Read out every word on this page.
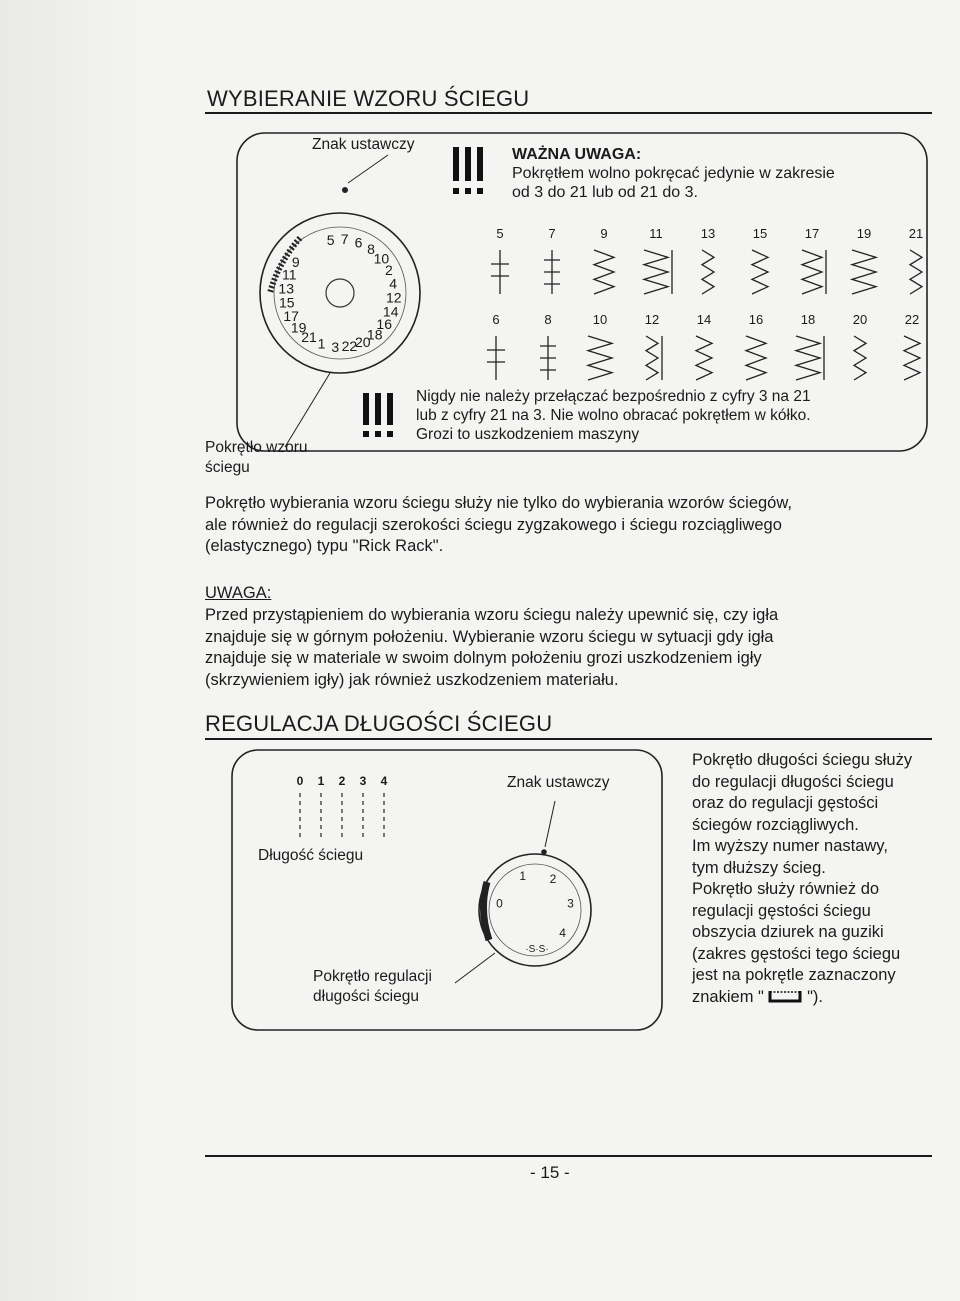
WYBIERANIE WZORU ŚCIEGU
Znak ustawczy
5 7 6 8
10
2
4
12
14
16
18
20
22
3
1
21
19
17
15
13
11
9
WAŻNA UWAGA:
Pokrętłem wolno pokręcać jedynie w zakresie
od 3 do 21 lub od 21 do 3.
5	7	9	11	13	15	17	19	21
6	8	10	12	14	16	18	20	22
Nigdy nie należy przełączać bezpośrednio z cyfry 3 na 21
lub z cyfry 21 na 3. Nie wolno obracać pokrętłem w kółko.
Grozi to uszkodzeniem maszyny
Pokrętło wzoru
ściegu
Pokrętło wybierania wzoru ściegu służy nie tylko do wybierania wzorów ściegów,
ale również do regulacji szerokości ściegu zygzakowego i ściegu rozciągliwego
(elastycznego) typu "Rick Rack".
UWAGA:
Przed przystąpieniem do wybierania wzoru ściegu należy upewnić się, czy igła
znajduje się w górnym położeniu. Wybieranie wzoru ściegu w sytuacji gdy igła
znajduje się w materiale w swoim dolnym położeniu grozi uszkodzeniem igły
(skrzywieniem igły) jak również uszkodzeniem materiału.
REGULACJA DŁUGOŚCI ŚCIEGU
0 1 2 3 4
Długość ściegu
Znak ustawczy
0
1 2
3
4
·S·S·
Pokrętło regulacji
długości ściegu
Pokrętło długości ściegu służy
do regulacji długości ściegu
oraz do regulacji gęstości
ściegów rozciągliwych.
Im wyższy numer nastawy,
tym dłuższy ścieg.
Pokrętło służy również do
regulacji gęstości ściegu
obszycia dziurek na guziki
(zakres gęstości tego ściegu
jest na pokrętle zaznaczony
znakiem "	").
- 15 -
